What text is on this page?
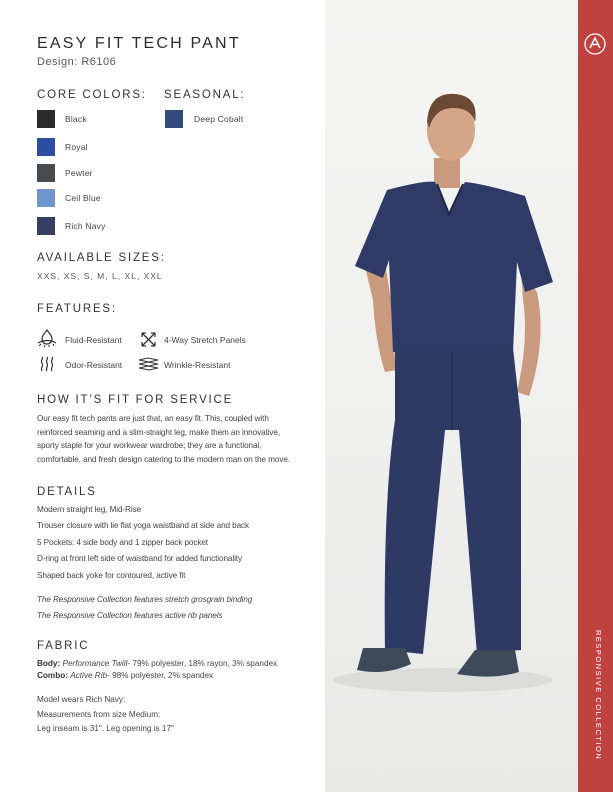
EASY FIT TECH PANT
Design: R6106
CORE COLORS: SEASONAL:
Black
Royal
Pewter
Ceil Blue
Rich Navy
Deep Cobalt
AVAILABLE SIZES:
XXS, XS, S, M, L, XL, XXL
FEATURES:
Fluid-Resistant	4-Way Stretch Panels
Odor-Resistant	Wrinkle-Resistant
HOW IT’S FIT FOR SERVICE
Our easy fit tech pants are just that, an easy fit. This, coupled with
reinforced seaming and a slim-straight leg, make them an innovative,
sporty staple for your workwear wardrobe; they are a functional,
comfortable, and fresh design catering to the modern man on the move.
DETAILS
Modern straight leg, Mid-Rise
Trouser closure with lie flat yoga waistband at side and back
5 Pockets: 4 side body and 1 zipper back pocket
D-ring at front left side of waistband for added functionality
Shaped back yoke for contoured, active fit
The Responsive Collection features stretch grosgrain binding
The Responsive Collection features active rib panels
FABRIC
Body: Performance Twill- 79% polyester, 18% rayon, 3% spandex
Combo: Active Rib- 98% polyester, 2% spandex
Model wears Rich Navy:
Measurements from size Medium:
Leg inseam is 31". Leg opening is 17"	RESPONSIVE COLLECTION
